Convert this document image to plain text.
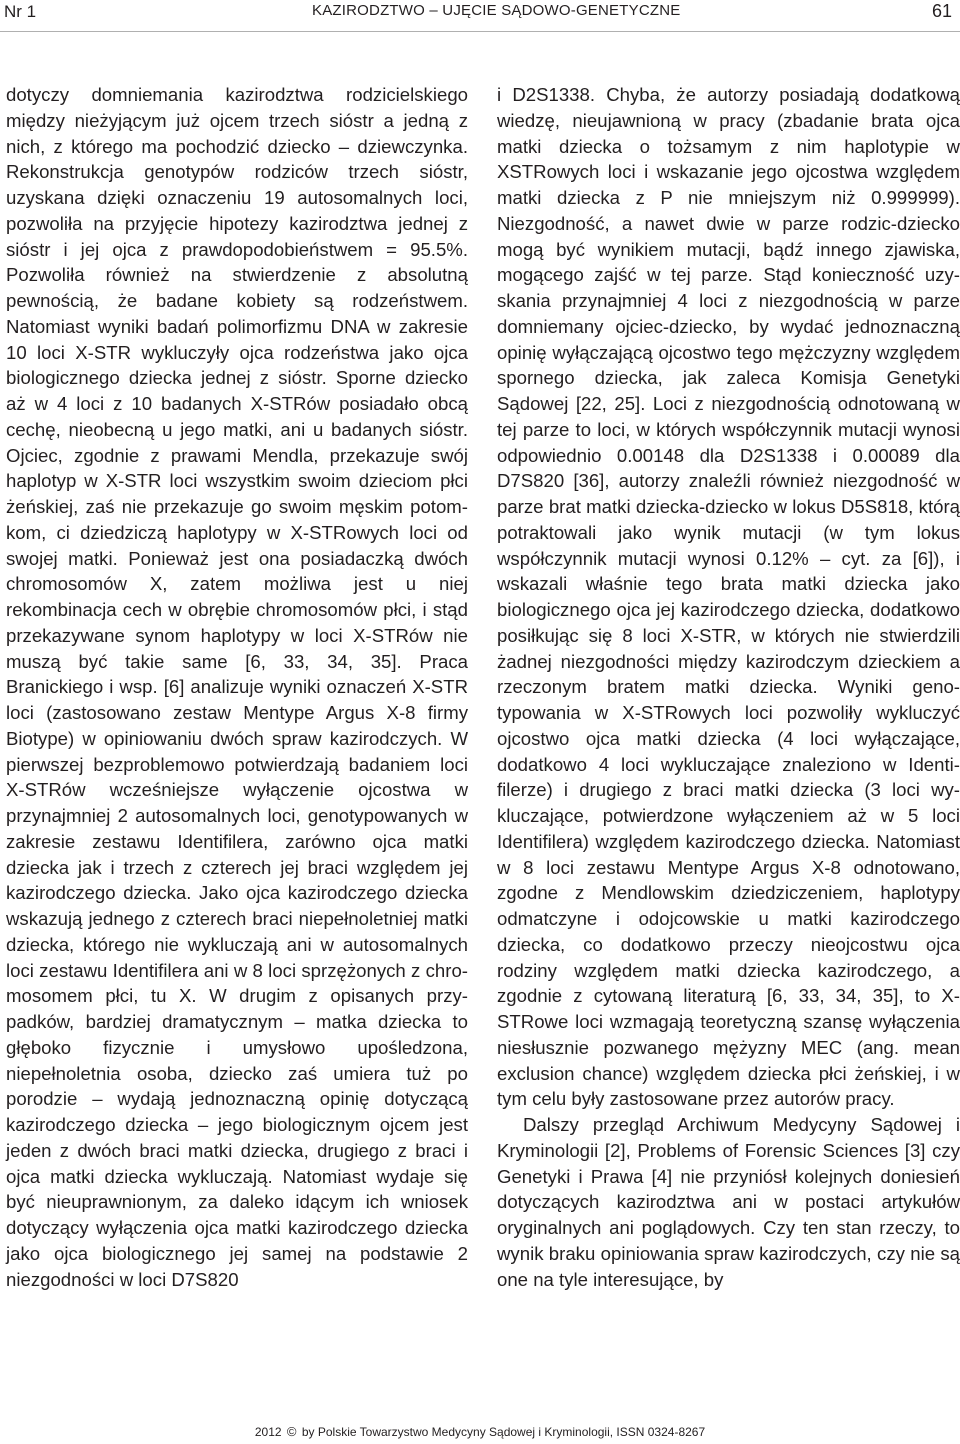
Nr 1	KAZIRODZTWO – UJĘCIE SĄDOWO-GENETYCZNE	61

dotyczy domniemania kazirodztwa rodzicielskiego między nieżyjącym już ojcem trzech sióstr a jedną z nich, z którego ma pochodzić dziecko – dziewczynka. Rekonstrukcja genotypów rodziców trzech sióstr, uzyskana dzięki oznaczeniu 19 autosomalnych loci, pozwoliła na przyjęcie hipotezy kazirodztwa jednej z sióstr i jej ojca z prawdopodobieństwem = 95.5%. Pozwoliła również na stwierdzenie z absolutną pewnością, że badane kobiety są rodzeństwem. Natomiast wyniki badań polimorfizmu DNA w zakresie 10 loci X-STR wykluczyły ojca rodzeństwa jako ojca biologicznego dziecka jednej z sióstr. Sporne dziecko aż w 4 loci z 10 badanych X-STRów posiadało obcą cechę, nieobecną u jego matki, ani u badanych sióstr. Ojciec, zgodnie z prawami Mendla, przekazuje swój haplotyp w X-STR loci wszystkim swoim dzieciom płci żeńskiej, zaś nie przekazuje go swoim męskim potomkom, ci dziedziczą haplotypy w X-STRowych loci od swojej matki. Ponieważ jest ona posiadaczką dwóch chromosomów X, zatem możliwa jest u niej rekombinacja cech w obrębie chromosomów płci, i stąd przekazywane synom haplotypy w loci X-STRów nie muszą być takie same [6, 33, 34, 35]. Praca Branickiego i wsp. [6] analizuje wyniki oznaczeń X-STR loci (zastosowano zestaw Mentype Argus X-8 firmy Biotype) w opiniowaniu dwóch spraw kazirodczych. W pierwszej bezproblemowo potwierdzają badaniem loci X-STRów wcześniejsze wyłączenie ojcostwa w przynajmniej 2 autosomalnych loci, genotypowanych w zakresie zestawu Identifilera, zarówno ojca matki dziecka jak i trzech z czterech jej braci względem jej kazirodczego dziecka. Jako ojca kazirodczego dziecka wskazują jednego z czterech braci niepełnoletniej matki dziecka, którego nie wykluczają ani w autosomalnych loci zestawu Identifilera ani w 8 loci sprzężonych z chromosomem płci, tu X. W drugim z opisanych przypadków, bardziej dramatycznym – matka dziecka to głęboko fizycznie i umysłowo upośledzona, niepełnoletnia osoba, dziecko zaś umiera tuż po porodzie – wydają jednoznaczną opinię dotyczącą kazirodczego dziecka – jego biologicznym ojcem jest jeden z dwóch braci matki dziecka, drugiego z braci i ojca matki dziecka wykluczają. Natomiast wydaje się być nieuprawnionym, za daleko idącym ich wniosek dotyczący wyłączenia ojca matki kazirodczego dziecka jako ojca biologicznego jej samej na podstawie 2 niezgodności w loci D7S820

i D2S1338. Chyba, że autorzy posiadają dodatkową wiedzę, nieujawnioną w pracy (zbadanie brata ojca matki dziecka o tożsamym z nim haplotypie w XSTRowych loci i wskazanie jego ojcostwa względem matki dziecka z P nie mniejszym niż 0.999999). Niezgodność, a nawet dwie w parze rodzic-dziecko mogą być wynikiem mutacji, bądź innego zjawiska, mogącego zajść w tej parze. Stąd konieczność uzyskania przynajmniej 4 loci z niezgodnością w parze domniemany ojciec-dziecko, by wydać jednoznaczną opinię wyłączającą ojcostwo tego mężczyzny względem spornego dziecka, jak zaleca Komisja Genetyki Sądowej [22, 25]. Loci z niezgodnością odnotowaną w tej parze to loci, w których współczynnik mutacji wynosi odpowiednio 0.00148 dla D2S1338 i 0.00089 dla D7S820 [36], autorzy znaleźli również niezgodność w parze brat matki dziecka-dziecko w lokus D5S818, którą potraktowali jako wynik mutacji (w tym lokus współczynnik mutacji wynosi 0.12% – cyt. za [6]), i wskazali właśnie tego brata matki dziecka jako biologicznego ojca jej kazirodczego dziecka, dodatkowo posiłkując się 8 loci X-STR, w których nie stwierdzili żadnej niezgodności między kazirodczym dzieckiem a rzeczonym bratem matki dziecka. Wyniki genotypowania w X-STRowych loci pozwoliły wykluczyć ojcostwo ojca matki dziecka (4 loci wyłączające, dodatkowo 4 loci wykluczające znaleziono w Identifilerze) i drugiego z braci matki dziecka (3 loci wykluczające, potwierdzone wyłączeniem aż w 5 loci Identifilera) względem kazirodczego dziecka. Natomiast w 8 loci zestawu Mentype Argus X-8 odnotowano, zgodne z Mendlowskim dziedziczeniem, haplotypy odmatczyne i odojcowskie u matki kazirodczego dziecka, co dodatkowo przeczy nieojcostwu ojca rodziny względem matki dziecka kazirodczego, a zgodnie z cytowaną literaturą [6, 33, 34, 35], to X-STRowe loci wzmagają teoretyczną szansę wyłączenia niesłusznie pozwanego mężyzny MEC (ang. mean exclusion chance) względem dziecka płci żeńskiej, i w tym celu były zastosowane przez autorów pracy.

Dalszy przegląd Archiwum Medycyny Sądowej i Kryminologii [2], Problems of Forensic Sciences [3] czy Genetyki i Prawa [4] nie przyniósł kolejnych doniesień dotyczących kazirodztwa ani w postaci artykułów oryginalnych ani poglądowych. Czy ten stan rzeczy, to wynik braku opiniowania spraw kazirodczych, czy nie są one na tyle interesujące, by

2012 © by Polskie Towarzystwo Medycyny Sądowej i Kryminologii, ISSN 0324-8267
